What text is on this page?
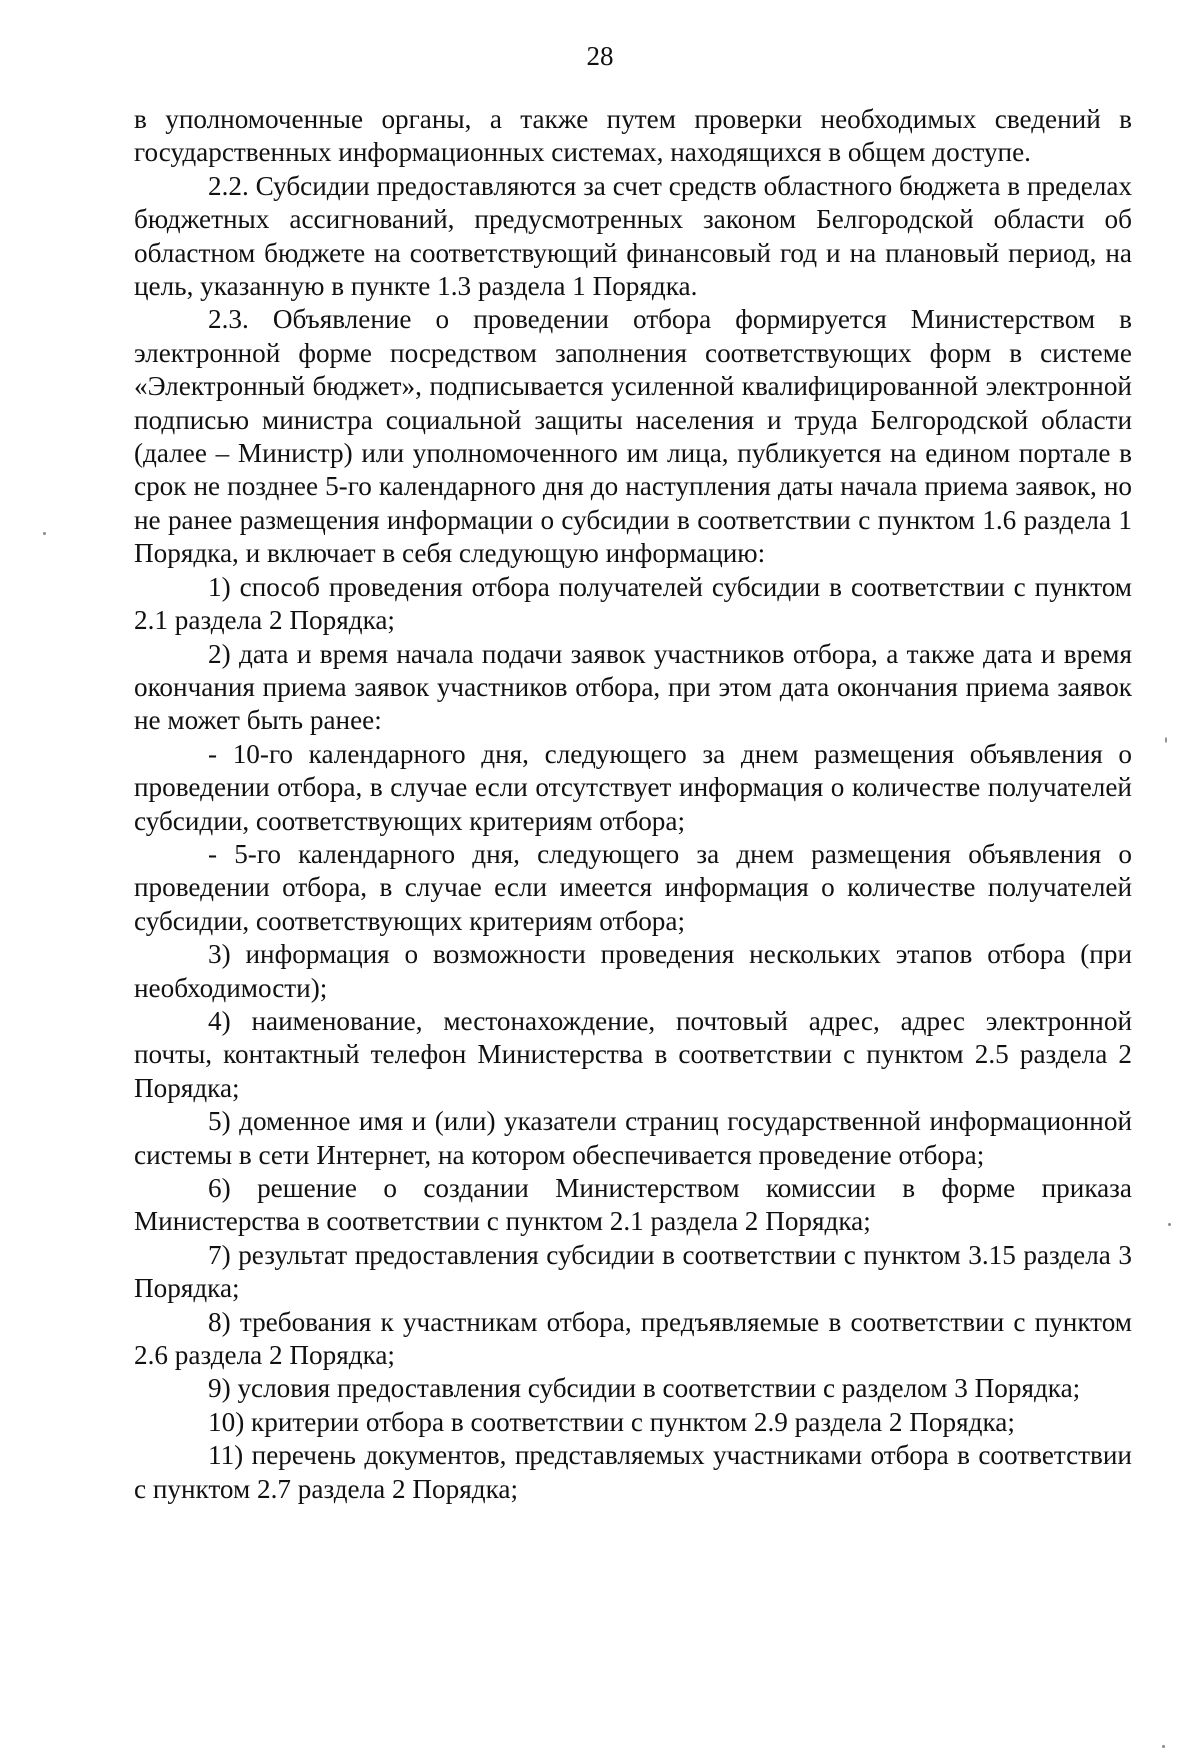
28

в уполномоченные органы, а также путем проверки необходимых сведений в государственных информационных системах, находящихся в общем доступе.

2.2. Субсидии предоставляются за счет средств областного бюджета в пределах бюджетных ассигнований, предусмотренных законом Белгородской области об областном бюджете на соответствующий финансовый год и на плановый период, на цель, указанную в пункте 1.3 раздела 1 Порядка.

2.3. Объявление о проведении отбора формируется Министерством в электронной форме посредством заполнения соответствующих форм в системе «Электронный бюджет», подписывается усиленной квалифицированной электронной подписью министра социальной защиты населения и труда Белгородской области (далее – Министр) или уполномоченного им лица, публикуется на едином портале в срок не позднее 5-го календарного дня до наступления даты начала приема заявок, но не ранее размещения информации о субсидии в соответствии с пунктом 1.6 раздела 1 Порядка, и включает в себя следующую информацию:

1) способ проведения отбора получателей субсидии в соответствии с пунктом 2.1 раздела 2 Порядка;

2) дата и время начала подачи заявок участников отбора, а также дата и время окончания приема заявок участников отбора, при этом дата окончания приема заявок не может быть ранее:

- 10-го календарного дня, следующего за днем размещения объявления о проведении отбора, в случае если отсутствует информация о количестве получателей субсидии, соответствующих критериям отбора;

- 5-го календарного дня, следующего за днем размещения объявления о проведении отбора, в случае если имеется информация о количестве получателей субсидии, соответствующих критериям отбора;

3) информация о возможности проведения нескольких этапов отбора (при необходимости);

4) наименование, местонахождение, почтовый адрес, адрес электронной почты, контактный телефон Министерства в соответствии с пунктом 2.5 раздела 2 Порядка;

5) доменное имя и (или) указатели страниц государственной информационной системы в сети Интернет, на котором обеспечивается проведение отбора;

6) решение о создании Министерством комиссии в форме приказа Министерства в соответствии с пунктом 2.1 раздела 2 Порядка;

7) результат предоставления субсидии в соответствии с пунктом 3.15 раздела 3 Порядка;

8) требования к участникам отбора, предъявляемые в соответствии с пунктом 2.6 раздела 2 Порядка;

9) условия предоставления субсидии в соответствии с разделом 3 Порядка;

10) критерии отбора в соответствии с пунктом 2.9 раздела 2 Порядка;

11) перечень документов, представляемых участниками отбора в соответствии с пунктом 2.7 раздела 2 Порядка;
